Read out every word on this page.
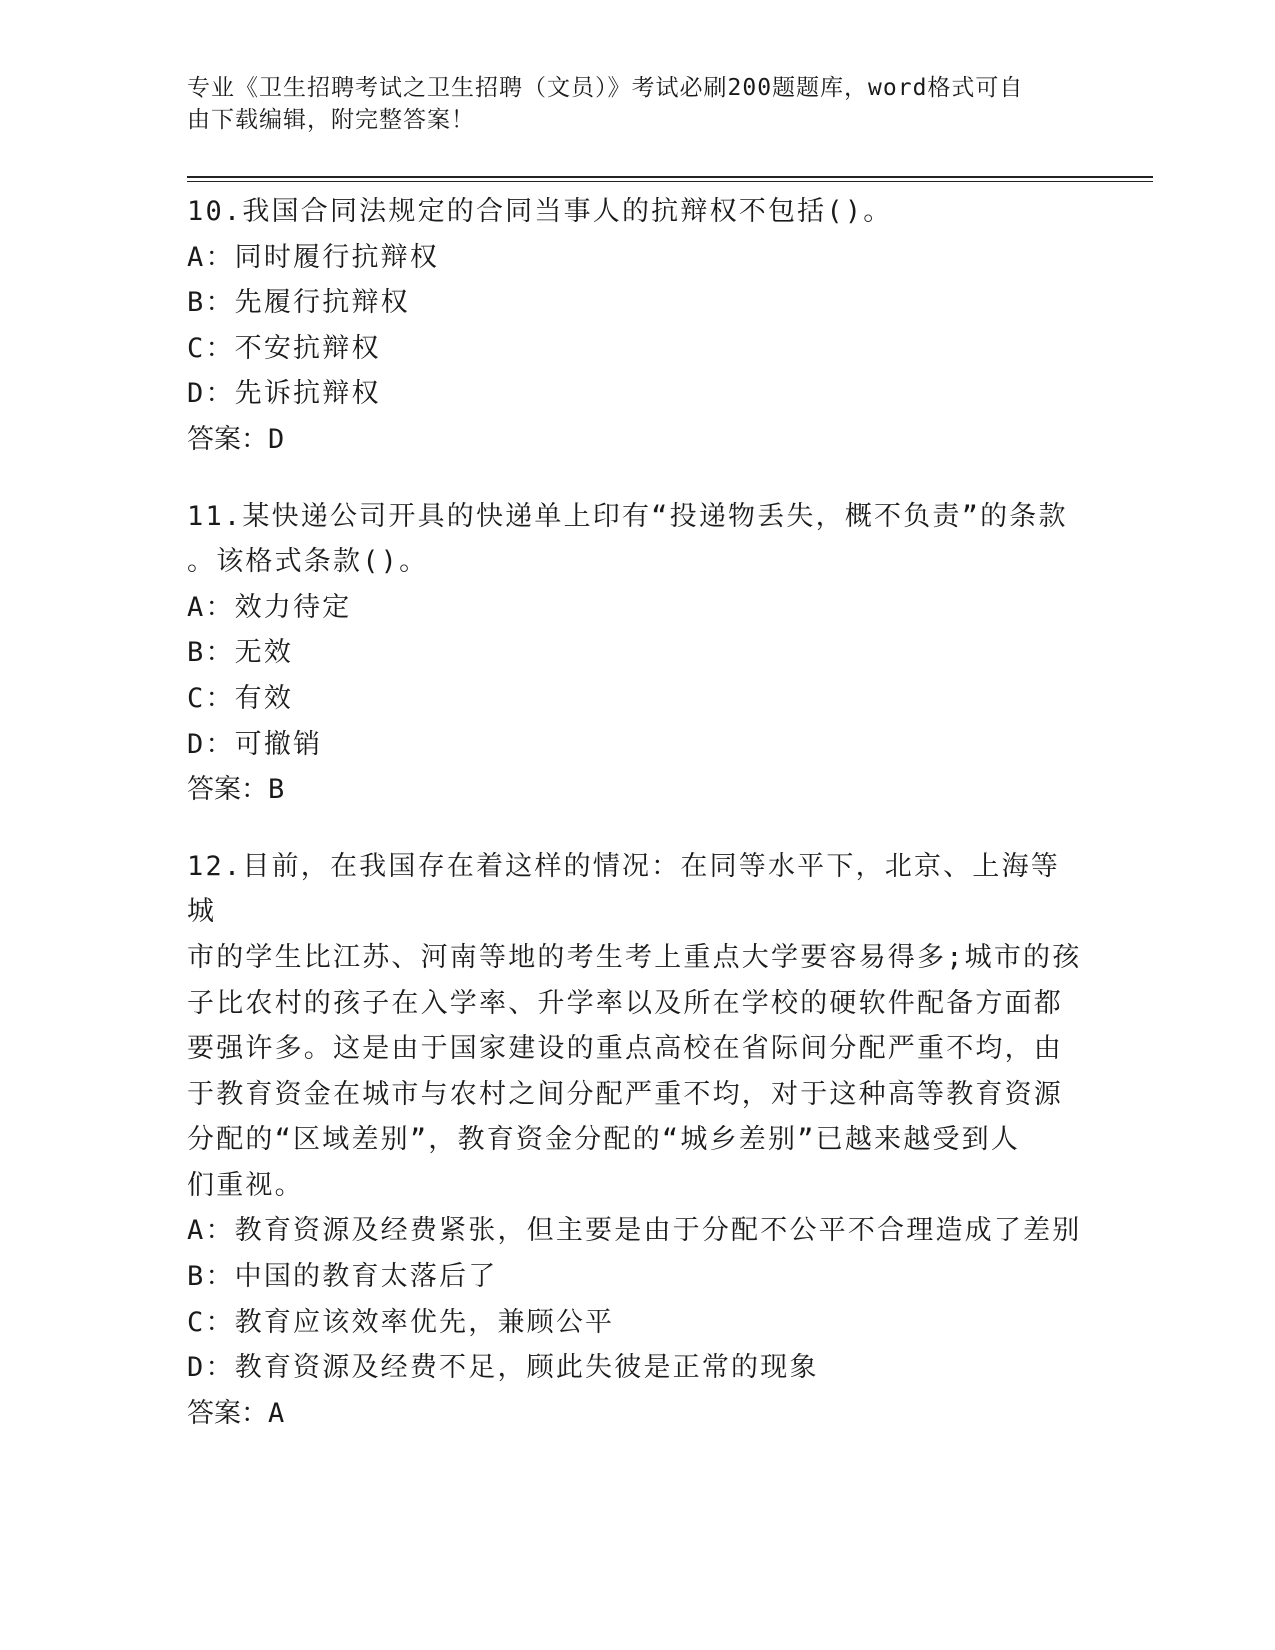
专业《卫生招聘考试之卫生招聘（文员）》考试必刷200题题库，word格式可自
由下载编辑，附完整答案！

10.我国合同法规定的合同当事人的抗辩权不包括()。

A：同时履行抗辩权

B：先履行抗辩权

C：不安抗辩权

D：先诉抗辩权

答案：D

11.某快递公司开具的快递单上印有“投递物丢失，概不负责”的条款

。该格式条款()。

A：效力待定

B：无效

C：有效

D：可撤销

答案：B

12.目前，在我国存在着这样的情况：在同等水平下，北京、上海等城

市的学生比江苏、河南等地的考生考上重点大学要容易得多;城市的孩

子比农村的孩子在入学率、升学率以及所在学校的硬软件配备方面都

要强许多。这是由于国家建设的重点高校在省际间分配严重不均，由

于教育资金在城市与农村之间分配严重不均，对于这种高等教育资源

分配的“区域差别”，教育资金分配的“城乡差别”已越来越受到人

们重视。

A：教育资源及经费紧张，但主要是由于分配不公平不合理造成了差别

B：中国的教育太落后了

C：教育应该效率优先，兼顾公平

D：教育资源及经费不足，顾此失彼是正常的现象

答案：A
